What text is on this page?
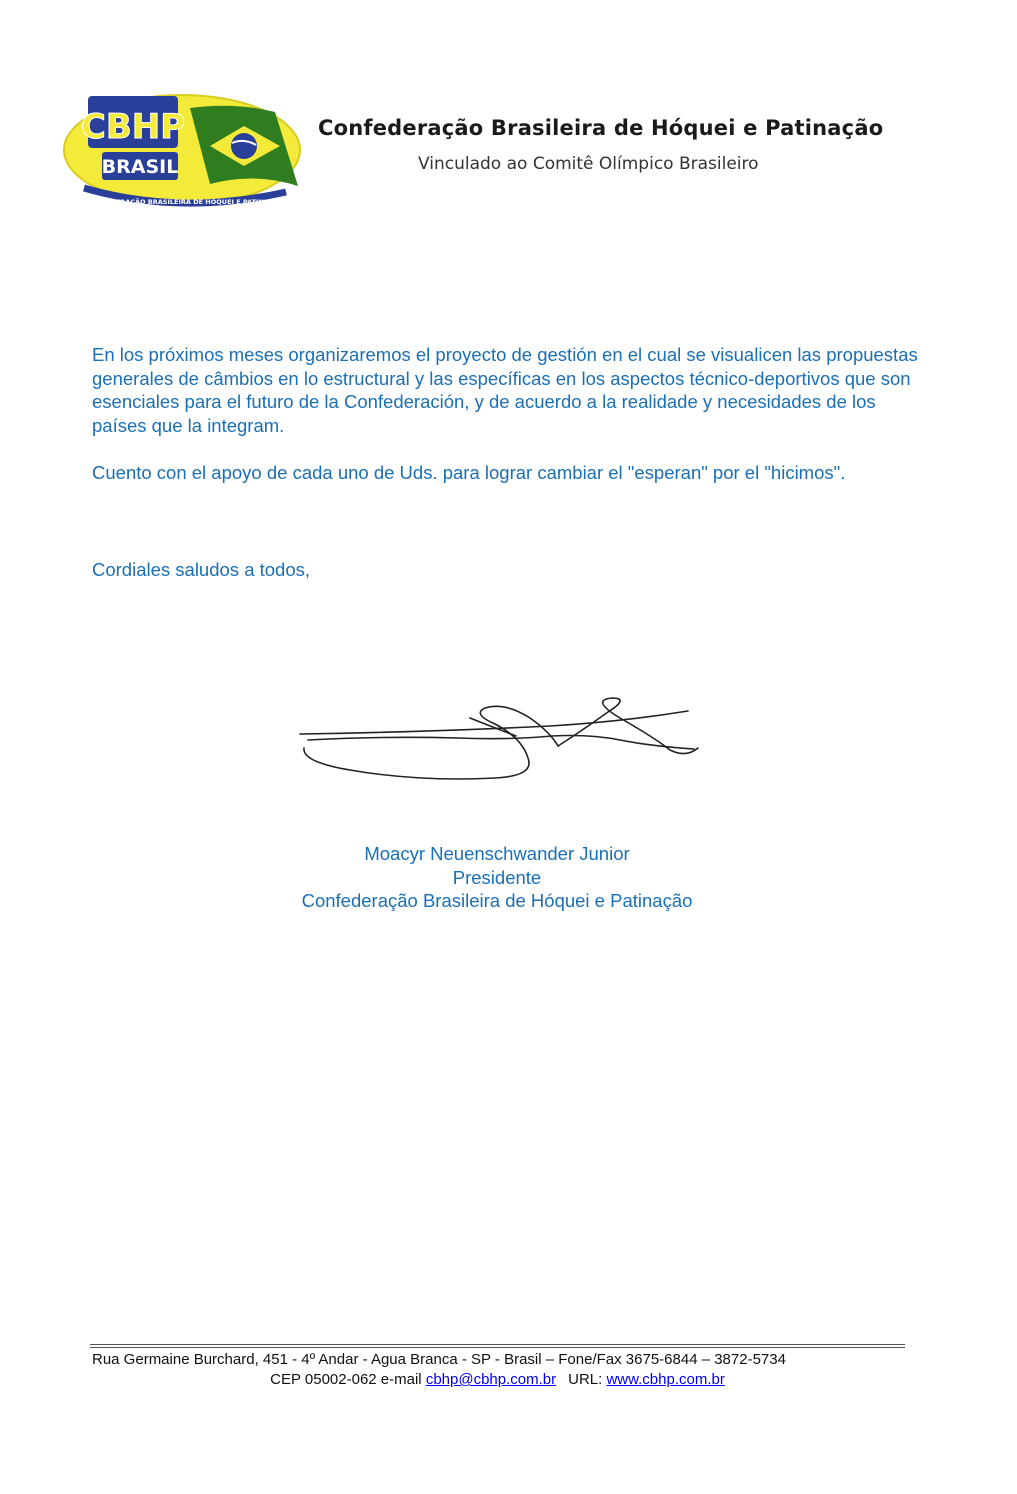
CBHP
BRASIL
CONFEDERAÇÃO BRASILEIRA DE HÓQUEI E PATINAÇÃO
Confederação Brasileira de Hóquei e Patinação
Vinculado ao Comitê Olímpico Brasileiro
En los próximos meses organizaremos el proyecto de gestión en el cual se visualicen las propuestas generales de câmbios en lo estructural y las específicas en los aspectos técnico-deportivos que son esenciales para el futuro de la Confederación, y de acuerdo a la realidade y necesidades de los países que la integram.
Cuento con el apoyo de cada uno de Uds. para lograr cambiar el "esperan" por el "hicimos".
Cordiales saludos a todos,
Moacyr Neuenschwander Junior
Presidente
Confederação Brasileira de Hóquei e Patinação
Rua Germaine Burchard, 451 - 4º Andar - Agua Branca - SP - Brasil – Fone/Fax 3675-6844 – 3872-5734
CEP 05002-062 e-mail cbhp@cbhp.com.br URL: www.cbhp.com.br
